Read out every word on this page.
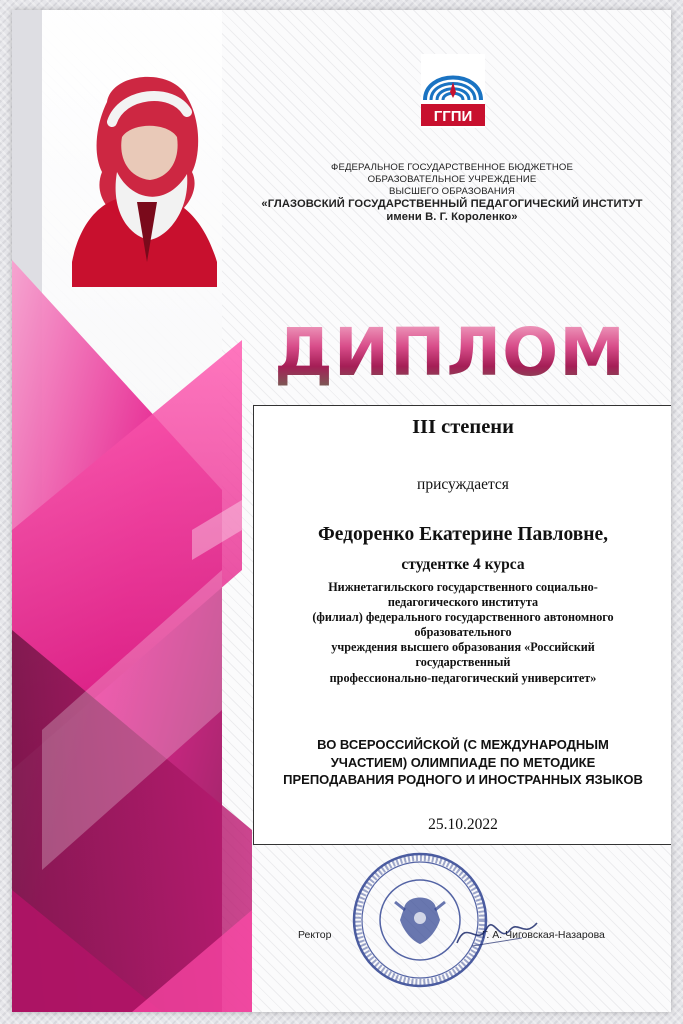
ГГПИ
ФЕДЕРАЛЬНОЕ ГОСУДАРСТВЕННОЕ БЮДЖЕТНОЕ
ОБРАЗОВАТЕЛЬНОЕ УЧРЕЖДЕНИЕ
ВЫСШЕГО ОБРАЗОВАНИЯ
«ГЛАЗОВСКИЙ ГОСУДАРСТВЕННЫЙ ПЕДАГОГИЧЕСКИЙ ИНСТИТУТ
имени В. Г. Короленко»
ДИПЛОМ
III степени
присуждается
Федоренко Екатерине Павловне,
студентке 4 курса
Нижнетагильского государственного социально-
педагогического института
(филиал) федерального государственного автономного
образовательного
учреждения высшего образования «Российский
государственный
профессионально-педагогический университет»
ВО ВСЕРОССИЙСКОЙ (С МЕЖДУНАРОДНЫМ
УЧАСТИЕМ) ОЛИМПИАДЕ ПО МЕТОДИКЕ
ПРЕПОДАВАНИЯ РОДНОГО И ИНОСТРАННЫХ ЯЗЫКОВ
25.10.2022
Ректор	Г. А. Чиговская-Назарова
